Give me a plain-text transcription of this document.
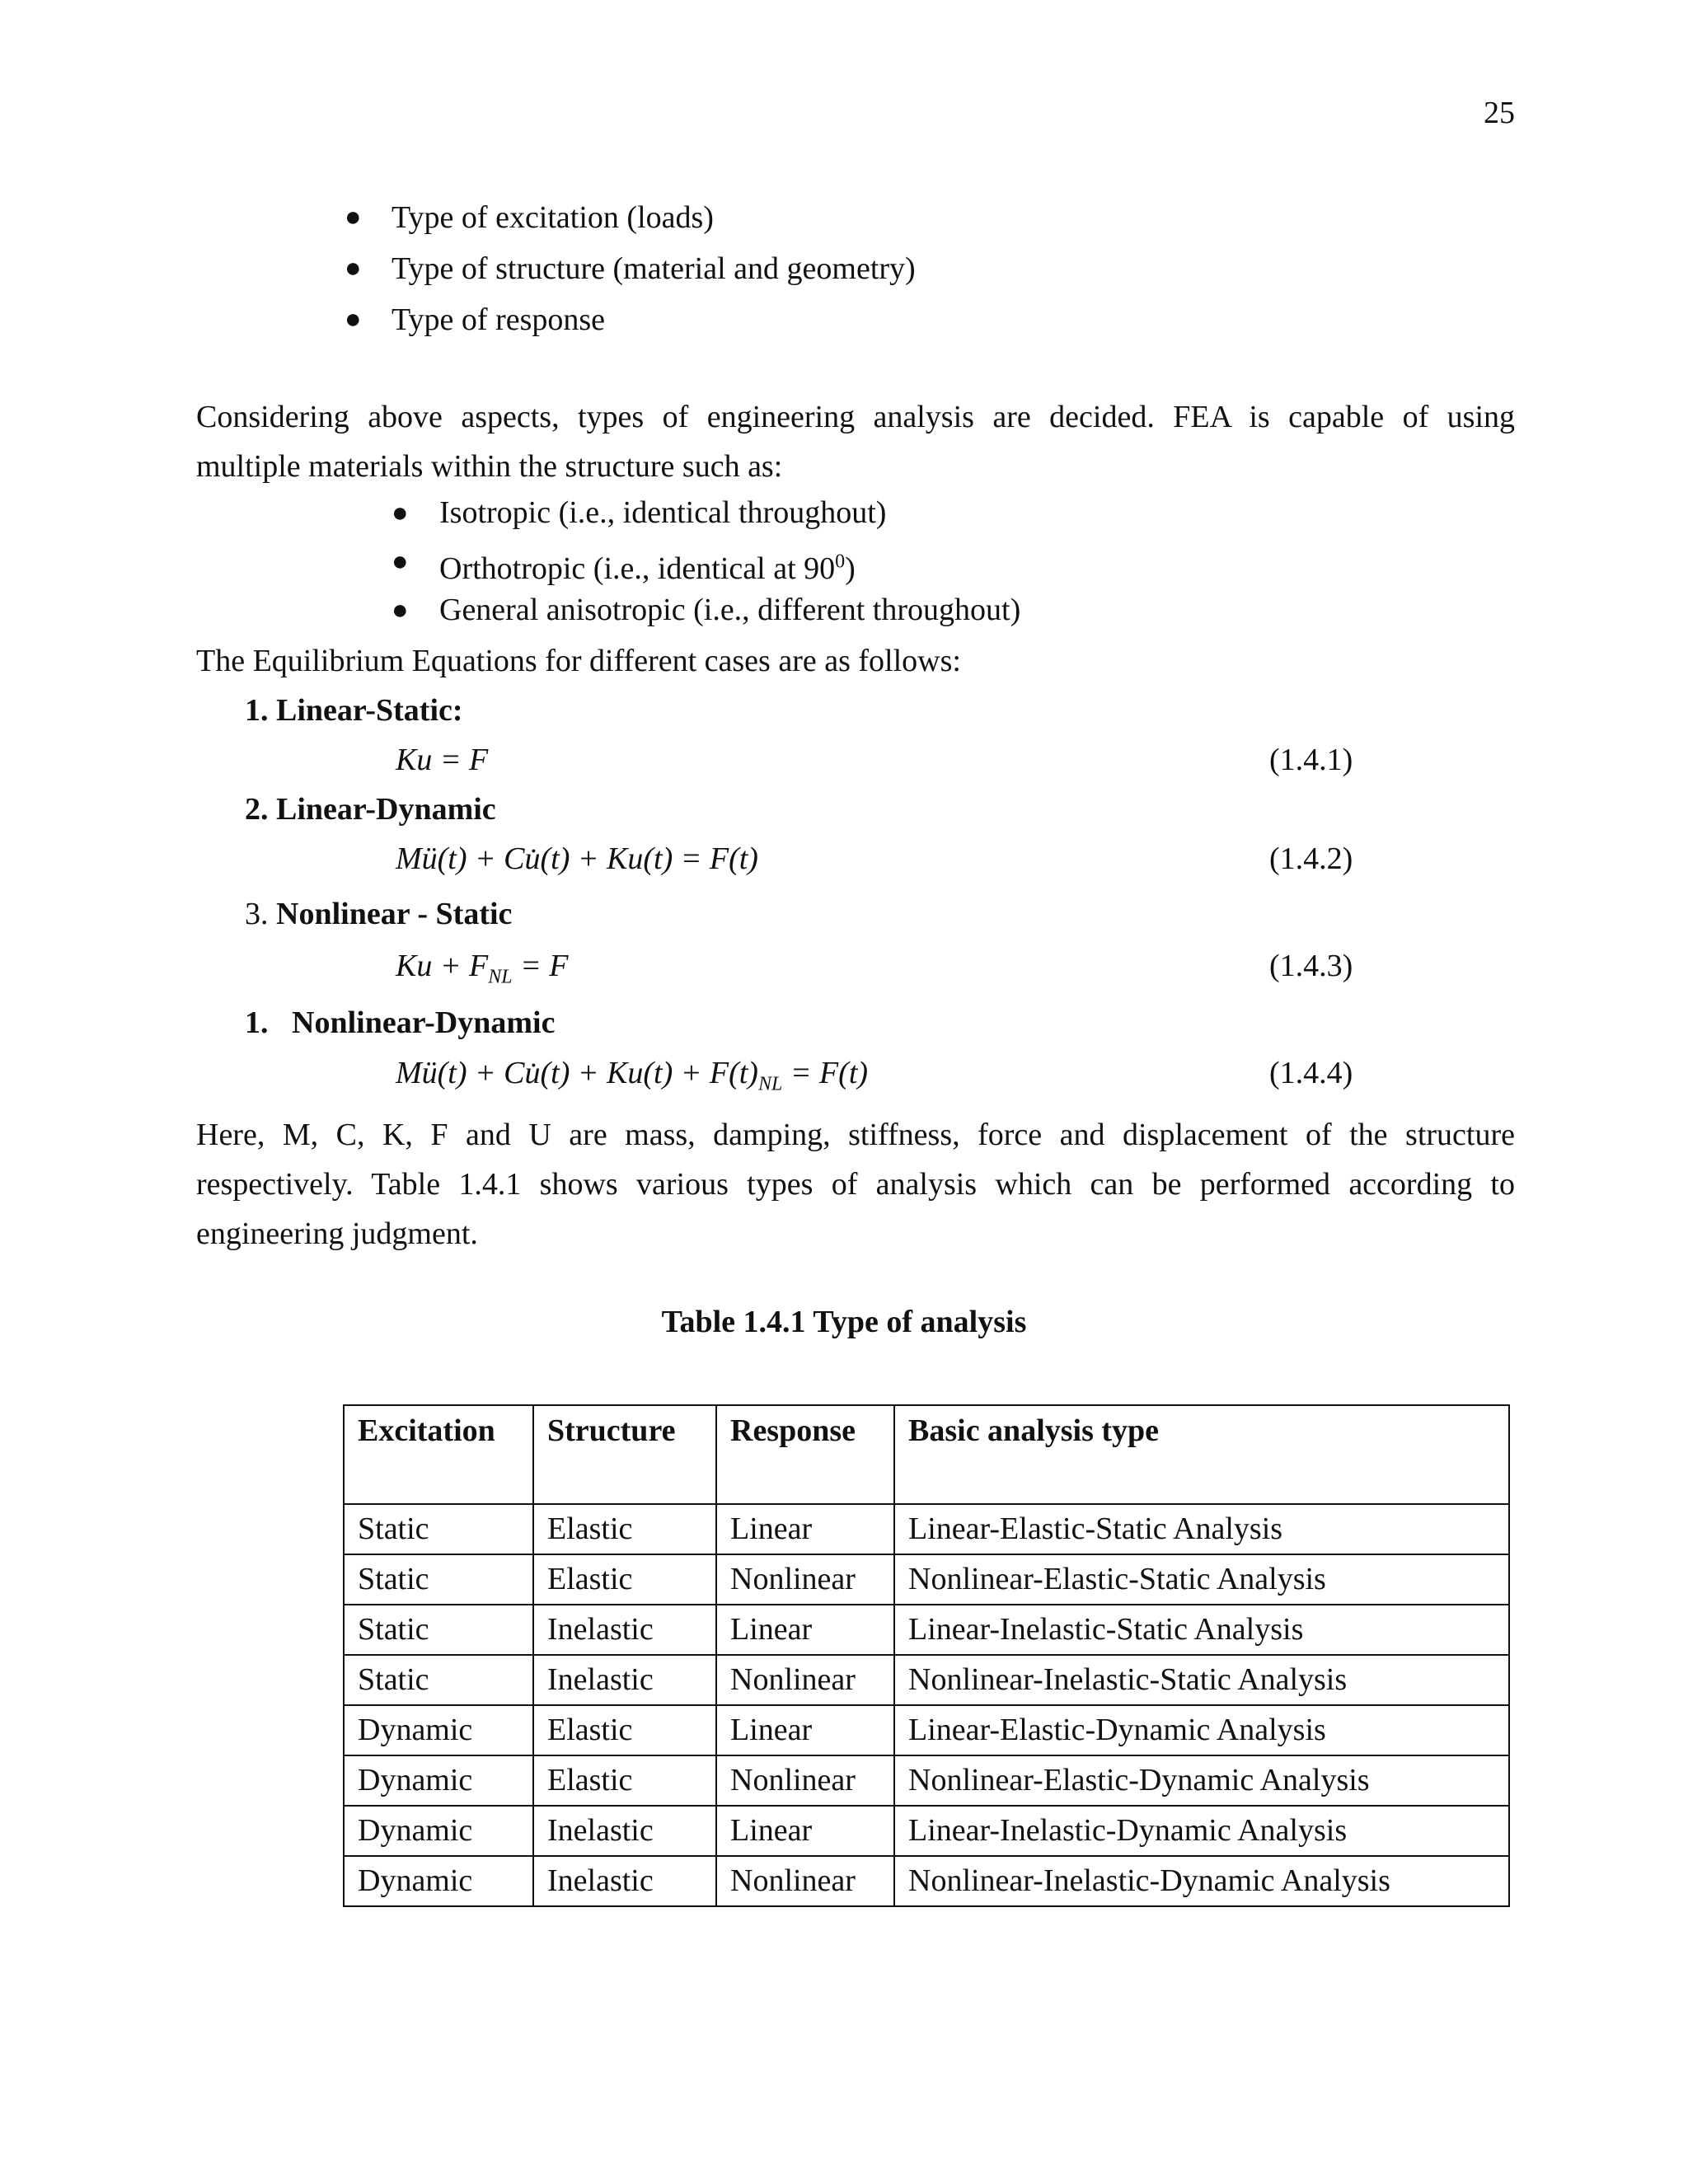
25
● Type of excitation (loads)
● Type of structure (material and geometry)
● Type of response
Considering above aspects, types of engineering analysis are decided. FEA is capable of using
multiple materials within the structure such as:
● Isotropic (i.e., identical throughout)
● Orthotropic (i.e., identical at $90^0$)
● General anisotropic (i.e., different throughout)
The Equilibrium Equations for different cases are as follows:
1. Linear-Static:
Ku = F	(1.4.1)
2. Linear-Dynamic
Mü(t) + Cu̇(t) + Ku(t) = F(t)	(1.4.2)
3. Nonlinear - Static
$Ku + F_{NL} = F$	(1.4.3)
1.   Nonlinear-Dynamic
Mü(t) + Cu̇(t) + $Ku(t) + F(t)_{NL} = F(t)$	(1.4.4)
Here, M, C, K, F and U are mass, damping, stiffness, force and displacement of the structure
respectively. Table 1.4.1 shows various types of analysis which can be performed according to
engineering judgment.
Table 1.4.1 Type of analysis
Excitation	Structure	Response	Basic analysis type
Static	Elastic	Linear	Linear-Elastic-Static Analysis
Static	Elastic	Nonlinear	Nonlinear-Elastic-Static Analysis
Static	Inelastic	Linear	Linear-Inelastic-Static Analysis
Static	Inelastic	Nonlinear	Nonlinear-Inelastic-Static Analysis
Dynamic	Elastic	Linear	Linear-Elastic-Dynamic Analysis
Dynamic	Elastic	Nonlinear	Nonlinear-Elastic-Dynamic Analysis
Dynamic	Inelastic	Linear	Linear-Inelastic-Dynamic Analysis
Dynamic	Inelastic	Nonlinear	Nonlinear-Inelastic-Dynamic Analysis
